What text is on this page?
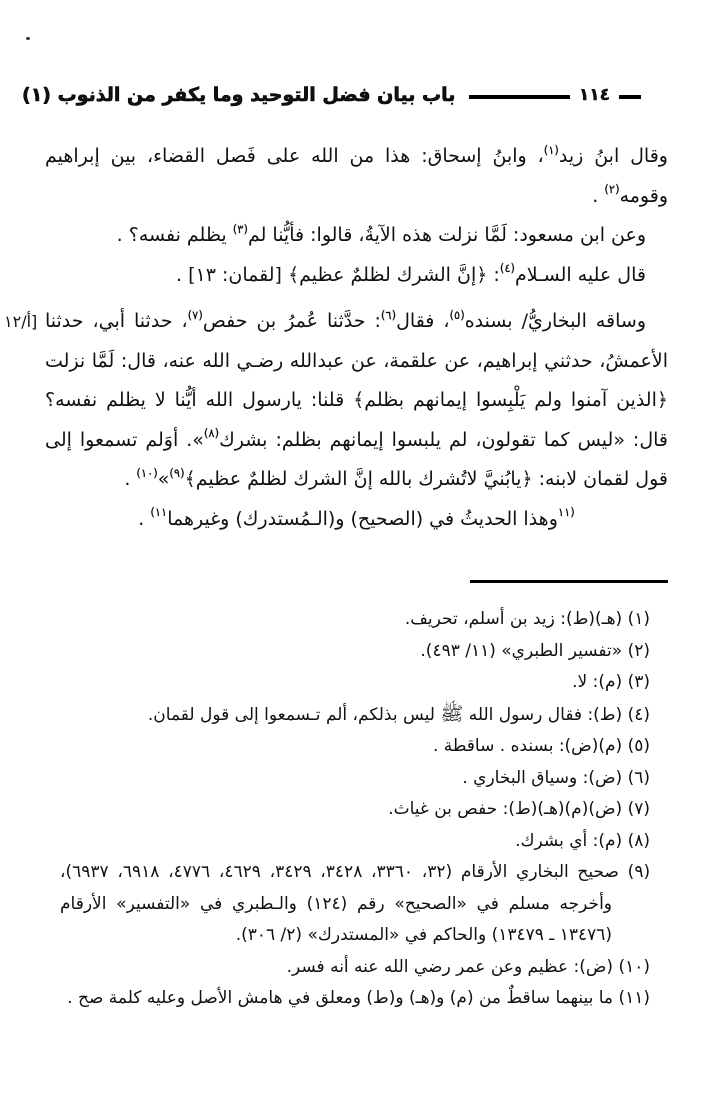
١١٤
باب بيان فضل التوحيد وما يكفر من الذنوب (١)
[أ/١٢

وقال ابنُ زيد$^{(١)}$، وابنُ إسحاق: هذا من الله على فَصل القضاء، بين إبراهيم وقومه$^{(٢)}$ .

وعن ابن مسعود: لَمَّا نزلت هذه الآيةُ، قالوا: فأيُّنا لم$^{(٣)}$ يظلم نفسه؟ .

قال عليه السـلام$^{(٤)}$: ﴿إنَّ الشرك لظلمٌ عظيم﴾ [لقمان: ١٣] .

وساقه البخاريُّ/ بسنده$^{(٥)}$، فقال$^{(٦)}$: حدَّثنا عُمرُ بن حفص$^{(٧)}$، حدثنا أبي، حدثنا الأعمشُ، حدثني إبراهيم، عن علقمة، عن عبدالله رضـي الله عنه، قال: لَمَّا نزلت ﴿الذين آمنوا ولم يَلْبِسوا إيمانهم بظلم﴾ قلنا: يارسول الله أيُّنا لا يظلم نفسه؟ قال: «ليس كما تقولون، لم يلبسوا إيمانهم بظلم: بشرك$^{(٨)}$». أوَلم تسمعوا إلى قول لقمان لابنه: ﴿يابُنيَّ لاتُشرك بالله إنَّ الشرك لظلمٌ عظيم﴾$^{(٩)}$»$^{(١٠)}$ .

$^{(١١}$وهذا الحديثُ في (الصحيح) و(الـمُستدرك) وغيرهما$^{١١)}$ .

(١) (هـ)(ط): زيد بن أسلم، تحريف.

(٢) «تفسير الطبري» (١١/ ٤٩٣).

(٣) (م): لا.

(٤) (ط): فقال رسول الله ﷺ ليس بذلكم، ألم تـسمعوا إلى قول لقمان.

(٥) (م)(ض): بسنده . ساقطة .

(٦) (ض): وسياق البخاري .

(٧) (ض)(م)(هـ)(ط): حفص بن غياث.

(٨) (م): أي بشرك.

(٩) صحيح البخاري الأرقام (٣٢، ٣٣٦٠، ٣٤٢٨، ٣٤٢٩، ٤٦٢٩، ٤٧٧٦، ٦٩١٨، ٦٩٣٧)، وأخرجه مسلم في «الصحيح» رقم (١٢٤) والـطبري في «التفسير» الأرقام (١٣٤٧٦ ـ ١٣٤٧٩) والحاكم في «المستدرك» (٢/ ٣٠٦).

(١٠) (ض): عظيم وعن عمر رضي الله عنه أنه فسر.

(١١) ما بينهما ساقطٌ من (م) و(هـ) و(ط) ومعلق في هامش الأصل وعليه كلمة صح .
